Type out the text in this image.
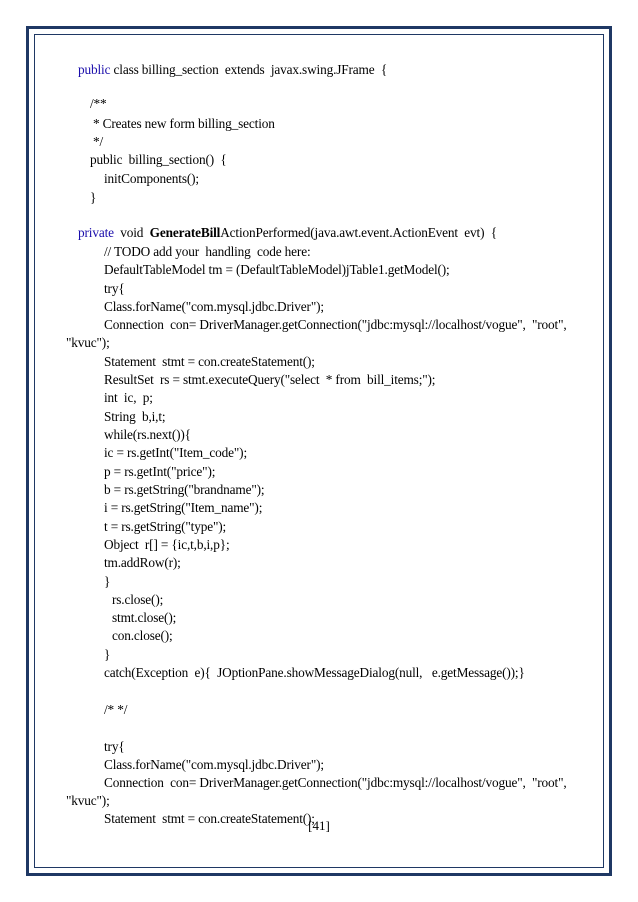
public class billing_section  extends  javax.swing.JFrame  {
/**
* Creates new form billing_section
*/
public  billing_section()  {
initComponents();
}
private  void  GenerateBillActionPerformed(java.awt.event.ActionEvent  evt)  {
// TODO add your  handling  code here:
DefaultTableModel tm = (DefaultTableModel)jTable1.getModel();
try{
Class.forName("com.mysql.jdbc.Driver");
Connection  con= DriverManager.getConnection("jdbc:mysql://localhost/vogue",  "root",
"kvuc");
Statement  stmt = con.createStatement();
ResultSet  rs = stmt.executeQuery("select  * from  bill_items;");
int  ic,  p;
String  b,i,t;
while(rs.next()){
ic = rs.getInt("Item_code");
p = rs.getInt("price");
b = rs.getString("brandname");
i = rs.getString("Item_name");
t = rs.getString("type");
Object  r[] = {ic,t,b,i,p};
tm.addRow(r);
}
rs.close();
stmt.close();
con.close();
}
catch(Exception  e){  JOptionPane.showMessageDialog(null,   e.getMessage());}
/* */
try{
Class.forName("com.mysql.jdbc.Driver");
Connection  con= DriverManager.getConnection("jdbc:mysql://localhost/vogue",  "root",
"kvuc");
Statement  stmt = con.createStatement();
[41]
